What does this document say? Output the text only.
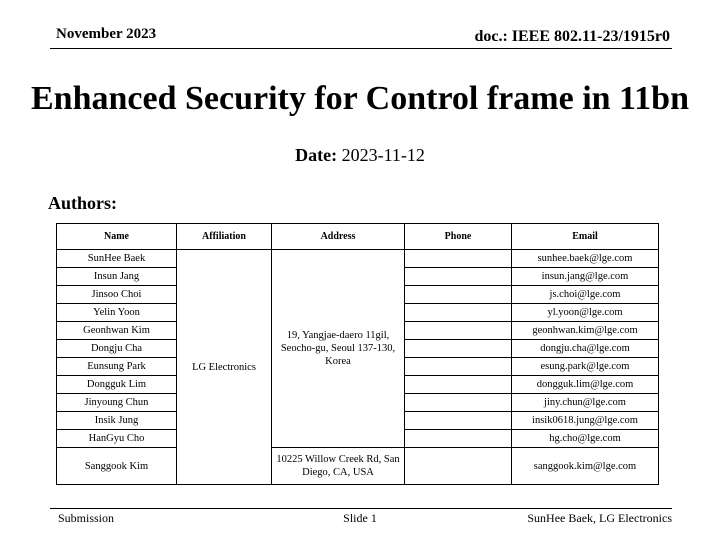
November 2023	doc.: IEEE 802.11-23/1915r0
Enhanced Security for Control frame in 11bn
Date: 2023-11-12
Authors:
Name	Affiliation	Address	Phone	Email
SunHee Baek	LG Electronics	19, Yangjae-daero 11gil, Seocho-gu, Seoul 137-130, Korea		sunhee.baek@lge.com
Insun Jang				insun.jang@lge.com
Jinsoo Choi				js.choi@lge.com
Yelin Yoon				yl.yoon@lge.com
Geonhwan Kim				geonhwan.kim@lge.com
Dongju Cha				dongju.cha@lge.com
Eunsung Park				esung.park@lge.com
Dongguk Lim				dongguk.lim@lge.com
Jinyoung Chun				jiny.chun@lge.com
Insik Jung				insik0618.jung@lge.com
HanGyu Cho				hg.cho@lge.com
Sanggook Kim		10225 Willow Creek Rd, San Diego, CA, USA		sanggook.kim@lge.com
Submission	Slide 1	SunHee Baek, LG Electronics
